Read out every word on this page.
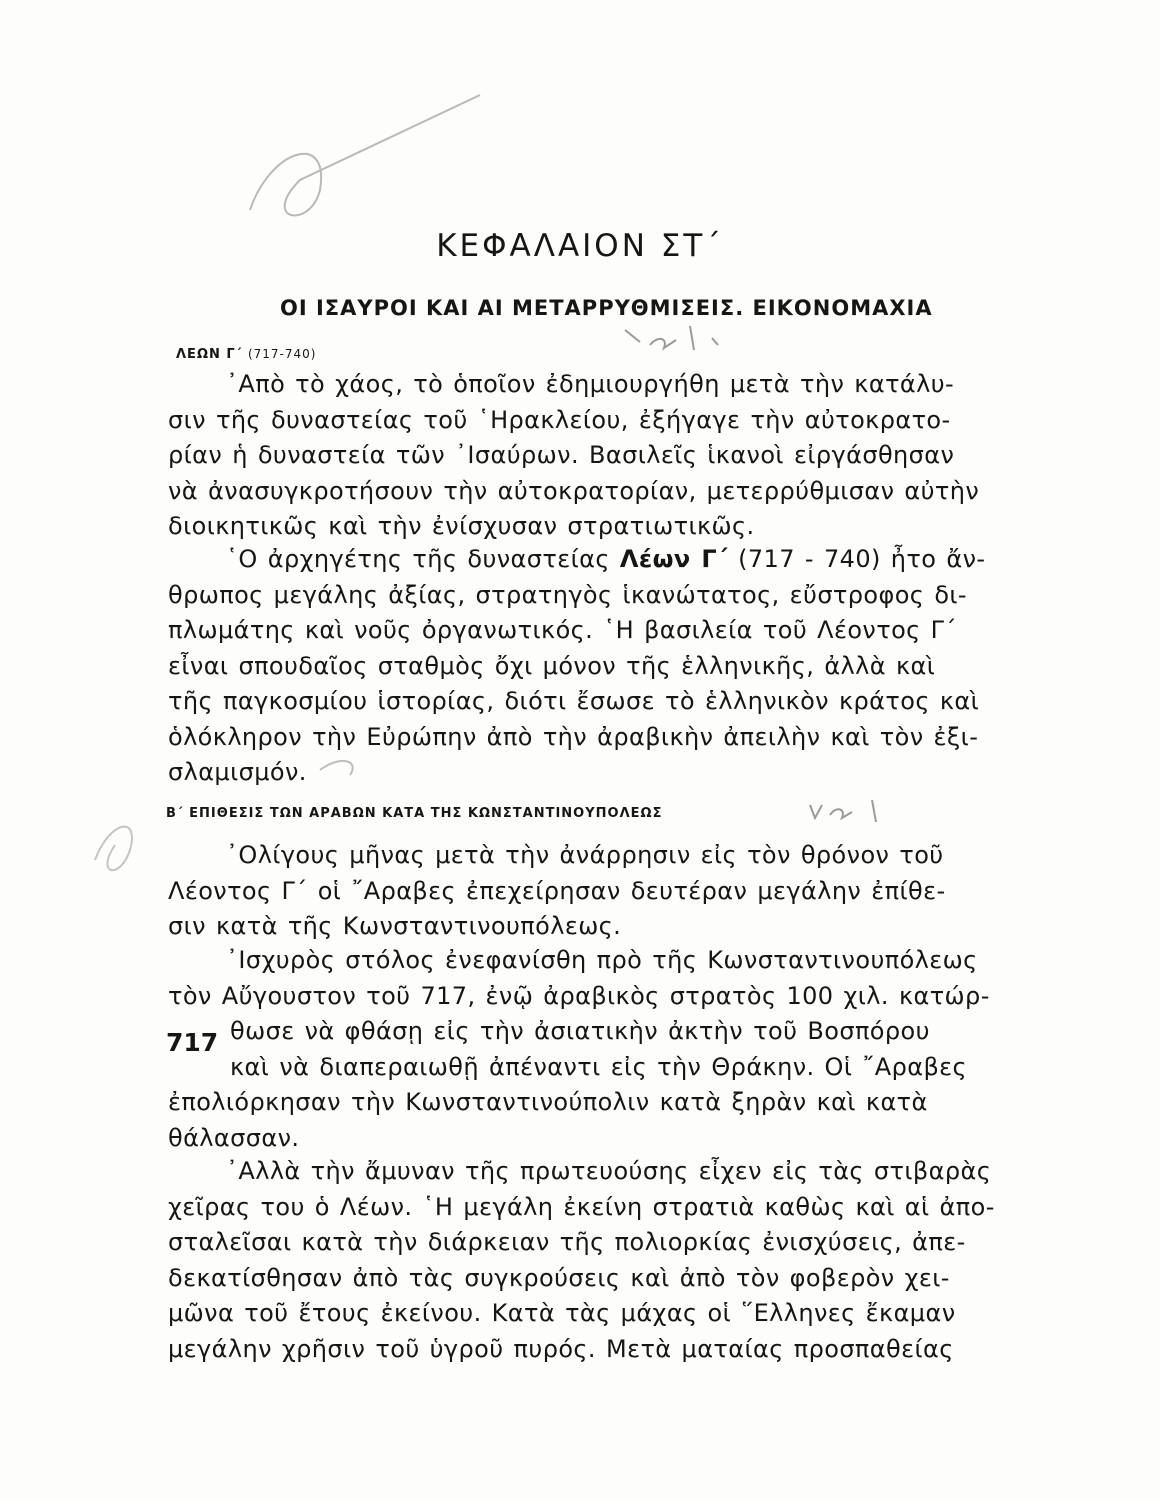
ΚΕΦΑΛΑΙΟΝ ΣΤ΄
ΟΙ ΙΣΑΥΡΟΙ ΚΑΙ ΑΙ ΜΕΤΑΡΡΥΘΜΙΣΕΙΣ. ΕΙΚΟΝΟΜΑΧΙΑ
ΛΕΩΝ Γ΄ (717-740)

᾿Απὸ τὸ χάος, τὸ ὁποῖον ἐδημιουργήθη μετὰ τὴν κατάλυ-
σιν τῆς δυναστείας τοῦ ῾Ηρακλείου, ἐξήγαγε τὴν αὐτοκρατο-
ρίαν ἡ δυναστεία τῶν ᾿Ισαύρων. Βασιλεῖς ἱκανοὶ εἰργάσθησαν
νὰ ἀνασυγκροτήσουν τὴν αὐτοκρατορίαν, μετερρύθμισαν αὐτὴν
διοικητικῶς καὶ τὴν ἐνίσχυσαν στρατιωτικῶς.

῾Ο ἀρχηγέτης τῆς δυναστείας Λέων Γ΄ (717 - 740) ἦτο ἄν-
θρωπος μεγάλης ἀξίας, στρατηγὸς ἱκανώτατος, εὔστροφος δι-
πλωμάτης καὶ νοῦς ὀργανωτικός. ῾Η βασιλεία τοῦ Λέοντος Γ΄
εἶναι σπουδαῖος σταθμὸς ὄχι μόνον τῆς ἑλληνικῆς, ἀλλὰ καὶ
τῆς παγκοσμίου ἱστορίας, διότι ἔσωσε τὸ ἑλληνικὸν κράτος καὶ
ὁλόκληρον τὴν Εὐρώπην ἀπὸ τὴν ἀραβικὴν ἀπειλὴν καὶ τὸν ἐξι-
σλαμισμόν.

Β΄ ΕΠΙΘΕΣΙΣ ΤΩΝ ΑΡΑΒΩΝ ΚΑΤΑ ΤΗΣ ΚΩΝΣΤΑΝΤΙΝΟΥΠΟΛΕΩΣ

᾿Ολίγους μῆνας μετὰ τὴν ἀνάρρησιν εἰς τὸν θρόνον τοῦ
Λέοντος Γ΄ οἱ ῎Αραβες ἐπεχείρησαν δευτέραν μεγάλην ἐπίθε-
σιν κατὰ τῆς Κωνσταντινουπόλεως.

᾿Ισχυρὸς στόλος ἐνεφανίσθη πρὸ τῆς Κωνσταντινουπόλεως
τὸν Αὔγουστον τοῦ 717, ἐνῷ ἀραβικὸς στρατὸς 100 χιλ. κατώρ-
θωσε νὰ φθάσῃ εἰς τὴν ἀσιατικὴν ἀκτὴν τοῦ Βοσπόρου
καὶ νὰ διαπεραιωθῇ ἀπέναντι εἰς τὴν Θράκην. Οἱ ῎Αραβες
ἐπολιόρκησαν τὴν Κωνσταντινούπολιν κατὰ ξηρὰν καὶ κατὰ
θάλασσαν.

717

᾿Αλλὰ τὴν ἄμυναν τῆς πρωτευούσης εἶχεν εἰς τὰς στιβαρὰς
χεῖρας του ὁ Λέων. ῾Η μεγάλη ἐκείνη στρατιὰ καθὼς καὶ αἱ ἀπο-
σταλεῖσαι κατὰ τὴν διάρκειαν τῆς πολιορκίας ἐνισχύσεις, ἀπε-
δεκατίσθησαν ἀπὸ τὰς συγκρούσεις καὶ ἀπὸ τὸν φοβερὸν χει-
μῶνα τοῦ ἔτους ἐκείνου. Κατὰ τὰς μάχας οἱ ῞Ελληνες ἔκαμαν
μεγάλην χρῆσιν τοῦ ὑγροῦ πυρός. Μετὰ ματαίας προσπαθείας
